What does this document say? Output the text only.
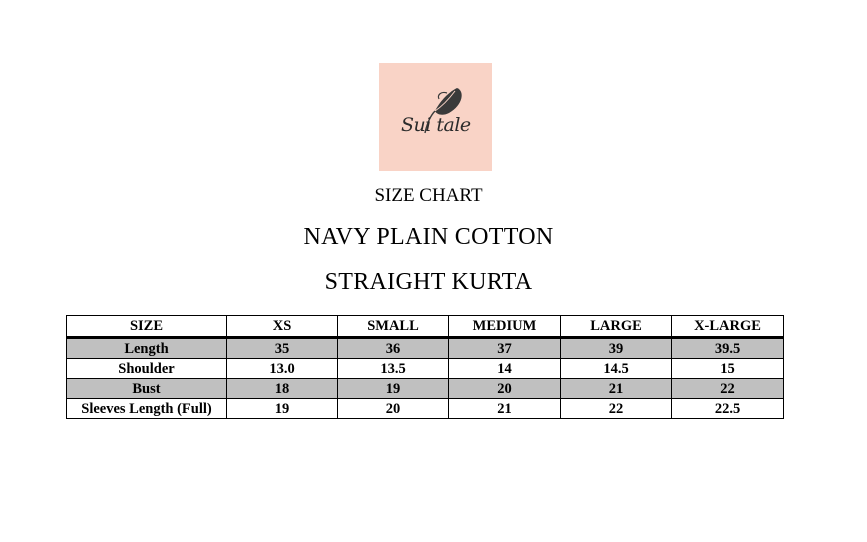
Sui tale
SIZE CHART
NAVY PLAIN COTTON
STRAIGHT KURTA
SIZE	XS	SMALL	MEDIUM	LARGE	X-LARGE
Length	35	36	37	39	39.5
Shoulder	13.0	13.5	14	14.5	15
Bust	18	19	20	21	22
Sleeves Length (Full)	19	20	21	22	22.5
